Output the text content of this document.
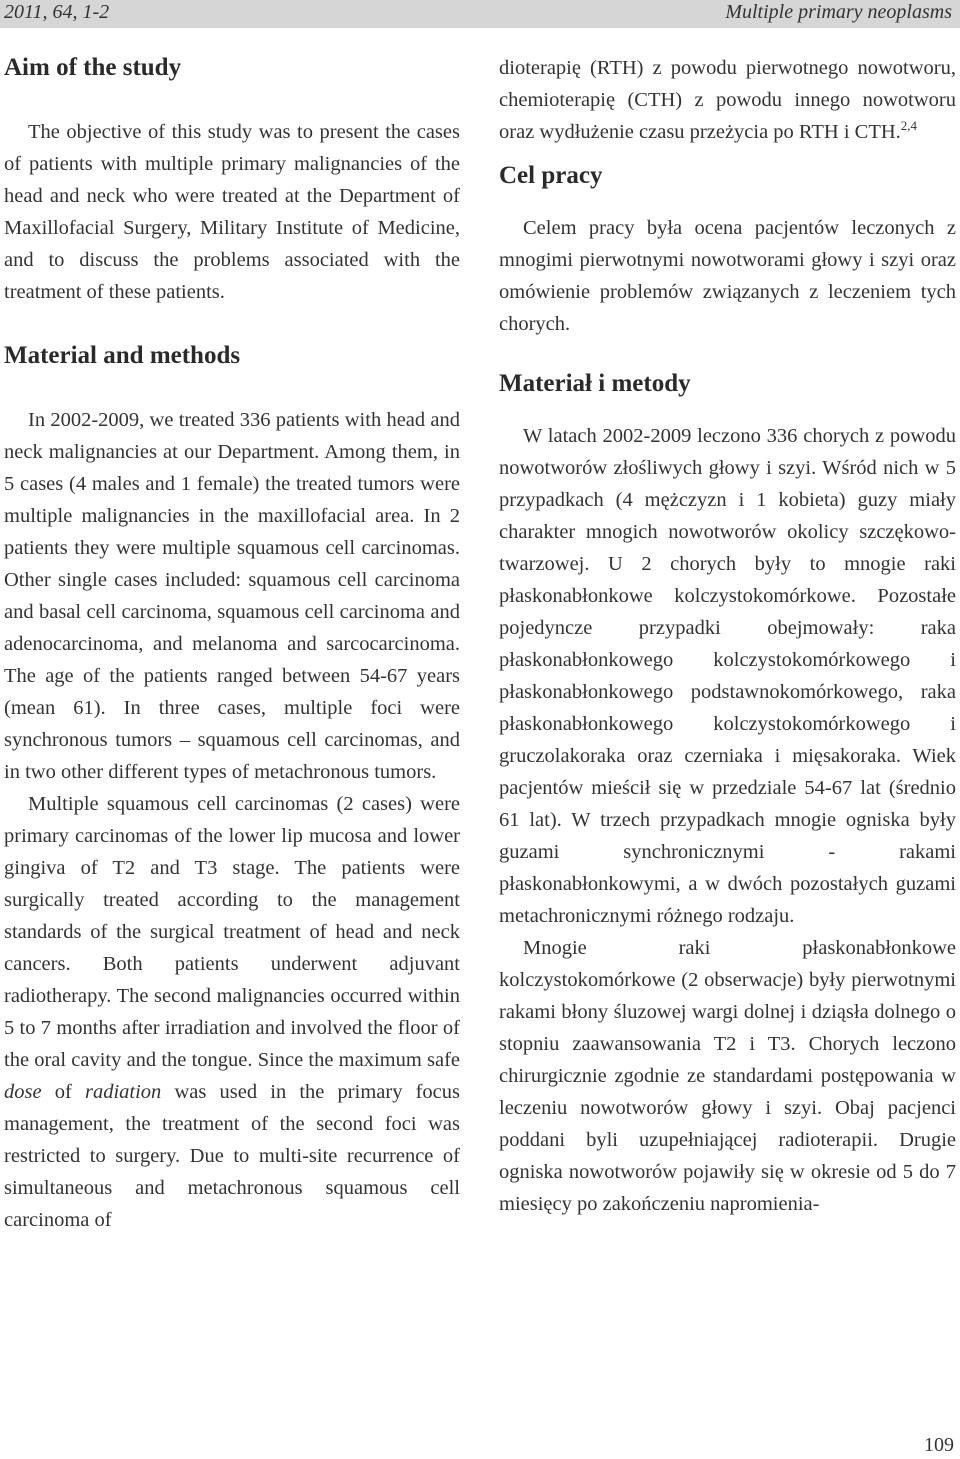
2011, 64, 1-2	Multiple primary neoplasms
Aim of the study

The objective of this study was to present the cases of patients with multiple primary malignancies of the head and neck who were treated at the Department of Maxillofacial Surgery, Military Institute of Medicine, and to discuss the problems associated with the treatment of these patients.

Material and methods

In 2002-2009, we treated 336 patients with head and neck malignancies at our Department. Among them, in 5 cases (4 males and 1 female) the treated tumors were multiple malignancies in the maxillofacial area. In 2 patients they were multiple squamous cell carcinomas. Other single cases included: squamous cell carcinoma and basal cell carcinoma, squamous cell carcinoma and adenocarcinoma, and melanoma and sarcocarcinoma. The age of the patients ranged between 54-67 years (mean 61). In three cases, multiple foci were synchronous tumors – squamous cell carcinomas, and in two other different types of metachronous tumors.

Multiple squamous cell carcinomas (2 cases) were primary carcinomas of the lower lip mucosa and lower gingiva of T2 and T3 stage. The patients were surgically treated according to the management standards of the surgical treatment of head and neck cancers. Both patients underwent adjuvant radiotherapy. The second malignancies occurred within 5 to 7 months after irradiation and involved the floor of the oral cavity and the tongue. Since the maximum safe dose of radiation was used in the primary focus management, the treatment of the second foci was restricted to surgery. Due to multi-site recurrence of simultaneous and metachronous squamous cell carcinoma of

dioterapię (RTH) z powodu pierwotnego nowotworu, chemioterapię (CTH) z powodu innego nowotworu oraz wydłużenie czasu przeżycia po RTH i CTH.$^{2,4}$

Cel pracy

Celem pracy była ocena pacjentów leczonych z mnogimi pierwotnymi nowotworami głowy i szyi oraz omówienie problemów związanych z leczeniem tych chorych.

Materiał i metody

W latach 2002-2009 leczono 336 chorych z powodu nowotworów złośliwych głowy i szyi. Wśród nich w 5 przypadkach (4 mężczyzn i 1 kobieta) guzy miały charakter mnogich nowotworów okolicy szczękowo-twarzowej. U 2 chorych były to mnogie raki płaskonabłonkowe kolczystokomórkowe. Pozostałe pojedyncze przypadki obejmowały: raka płaskonabłonkowego kolczystokomórkowego i płaskonabłonkowego podstawnokomórkowego, raka płaskonabłonkowego kolczystokomórkowego i gruczolakoraka oraz czerniaka i mięsakoraka. Wiek pacjentów mieścił się w przedziale 54-67 lat (średnio 61 lat). W trzech przypadkach mnogie ogniska były guzami synchronicznymi - rakami płaskonabłonkowymi, a w dwóch pozostałych guzami metachronicznymi różnego rodzaju.

Mnogie raki płaskonabłonkowe kolczystokomórkowe (2 obserwacje) były pierwotnymi rakami błony śluzowej wargi dolnej i dziąsła dolnego o stopniu zaawansowania T2 i T3. Chorych leczono chirurgicznie zgodnie ze standardami postępowania w leczeniu nowotworów głowy i szyi. Obaj pacjenci poddani byli uzupełniającej radioterapii. Drugie ogniska nowotworów pojawiły się w okresie od 5 do 7 miesięcy po zakończeniu napromienia-

109
